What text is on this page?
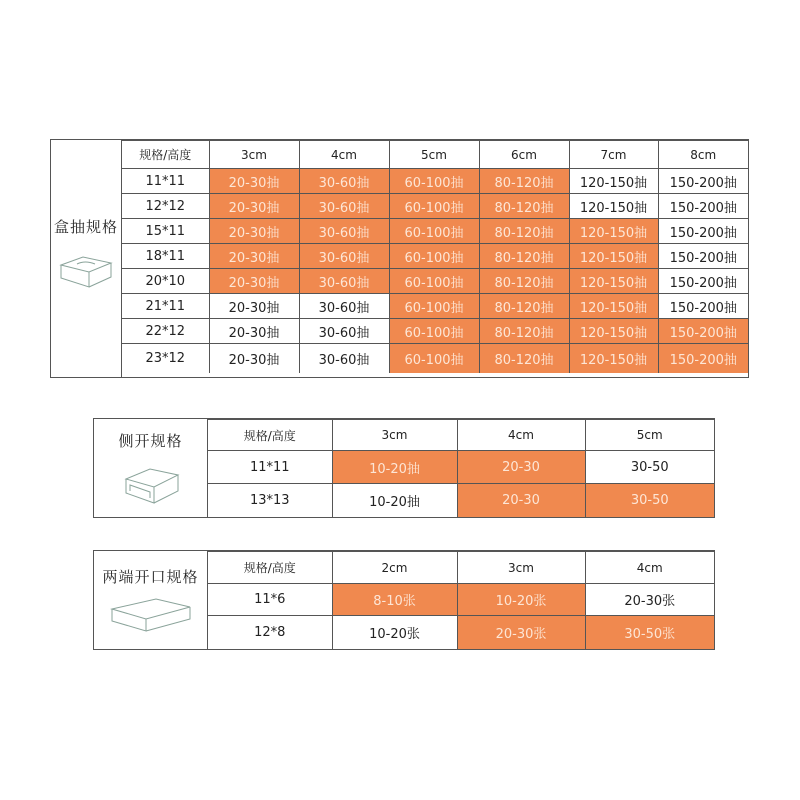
盒抽规格
规格/高度	3cm	4cm	5cm	6cm	7cm	8cm
11*11	20-30抽	30-60抽	60-100抽	80-120抽	120-150抽	150-200抽
12*12	20-30抽	30-60抽	60-100抽	80-120抽	120-150抽	150-200抽
15*11	20-30抽	30-60抽	60-100抽	80-120抽	120-150抽	150-200抽
18*11	20-30抽	30-60抽	60-100抽	80-120抽	120-150抽	150-200抽
20*10	20-30抽	30-60抽	60-100抽	80-120抽	120-150抽	150-200抽
21*11	20-30抽	30-60抽	60-100抽	80-120抽	120-150抽	150-200抽
22*12	20-30抽	30-60抽	60-100抽	80-120抽	120-150抽	150-200抽
23*12	20-30抽	30-60抽	60-100抽	80-120抽	120-150抽	150-200抽
侧开规格	规格/高度	3cm	4cm	5cm
11*11	10-20抽	20-30	30-50
13*13	10-20抽	20-30	30-50
两端开口规格	规格/高度	2cm	3cm	4cm
11*6	8-10张	10-20张	20-30张
12*8	10-20张	20-30张	30-50张
